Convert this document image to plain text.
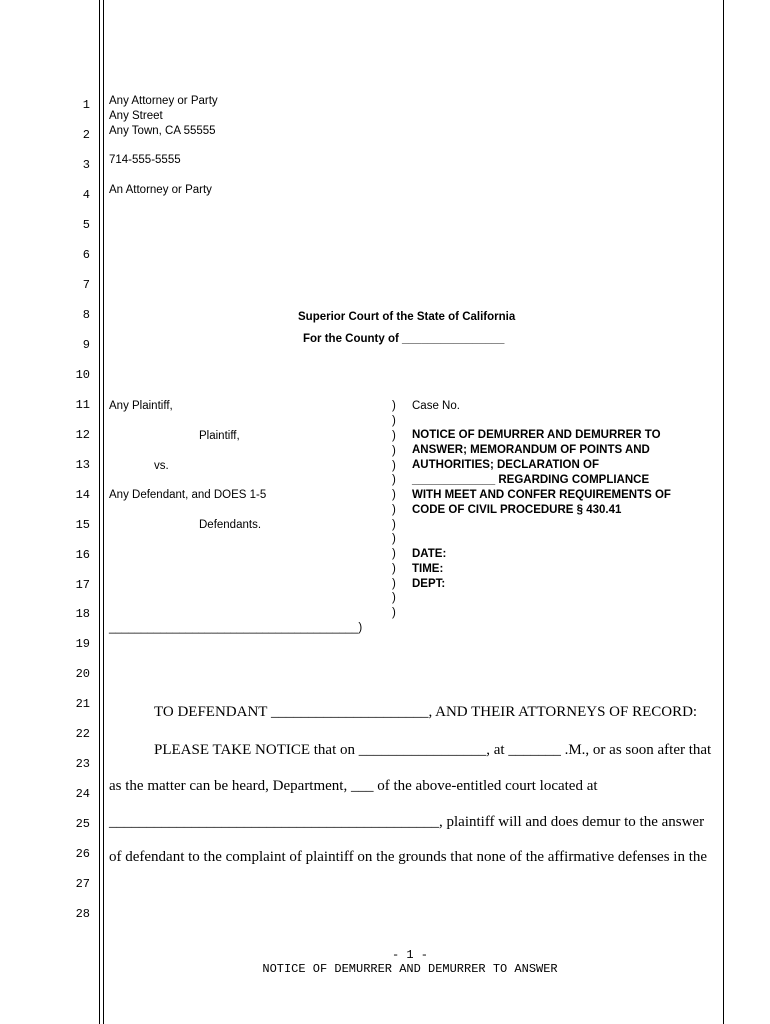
1
2
3
4
5
6
7
8
9
10
11
12
13
14
15
16
17
18
19
20
21
22
23
24
25
26
27
28
Any Attorney or Party
Any Street
Any Town, CA 55555
714-555-5555
An Attorney or Party
Superior Court of the State of California
For the County of ________________
Any Plaintiff,
Plaintiff,
vs.
Any Defendant, and DOES 1-5
Defendants.
)
)
)
)
)
)
)
)
)
)
)
)
)
)
)
_______________________________________)
Case No.
NOTICE OF DEMURRER AND DEMURRER TO
ANSWER; MEMORANDUM OF POINTS AND
AUTHORITIES; DECLARATION OF
_____________ REGARDING COMPLIANCE
WITH MEET AND CONFER REQUIREMENTS OF
CODE OF CIVIL PROCEDURE § 430.41
DATE:
TIME:
DEPT:
TO DEFENDANT _____________________, AND THEIR ATTORNEYS OF RECORD:
PLEASE TAKE NOTICE that on _________________, at _______ .M., or as soon after that
as the matter can be heard, Department, ___ of the above-entitled court located at
____________________________________________, plaintiff will and does demur to the answer
of defendant to the complaint of plaintiff on the grounds that none of the affirmative defenses in the
- 1 -
NOTICE OF DEMURRER AND DEMURRER TO ANSWER
